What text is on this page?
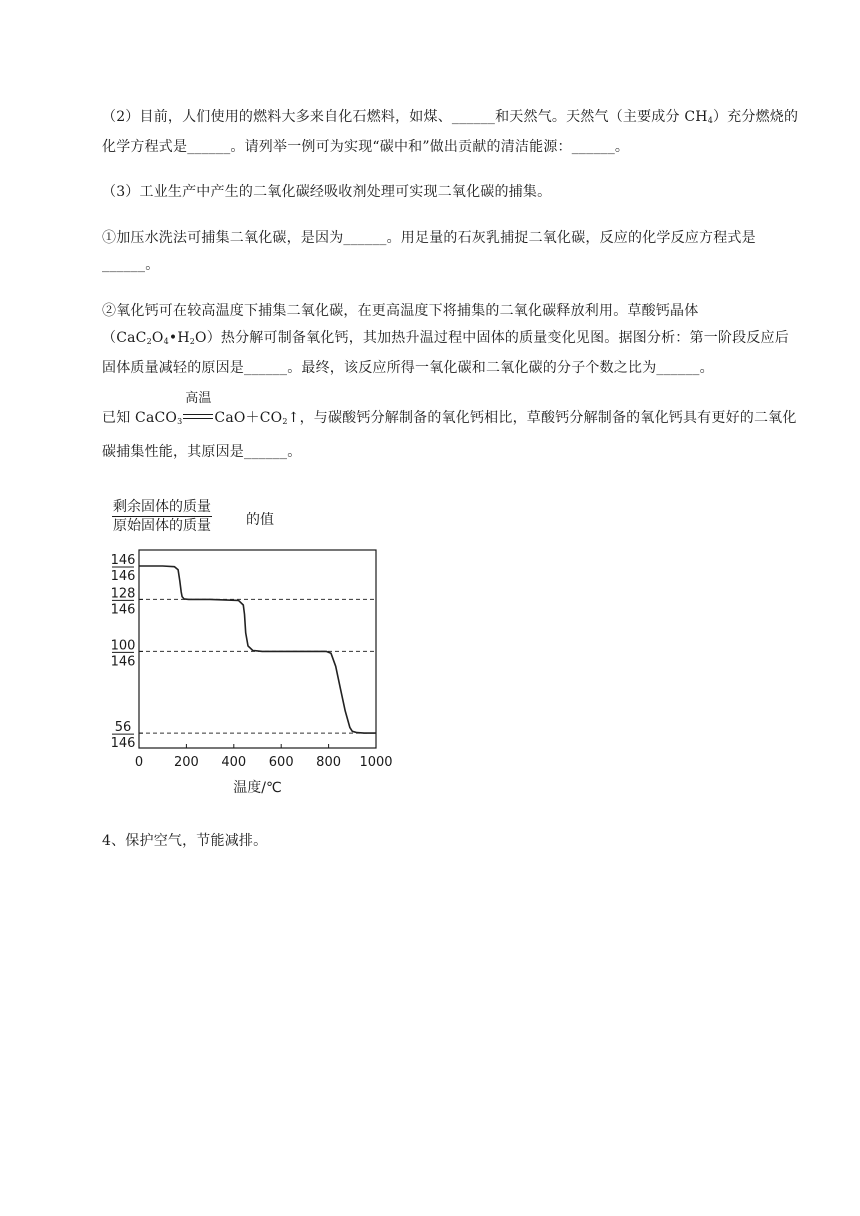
（2）目前，人们使用的燃料大多来自化石燃料，如煤、______和天然气。天然气（主要成分 $CH_4$）充分燃烧的化学方程式是______。请列举一例可为实现“碳中和”做出贡献的清洁能源：______。
（3）工业生产中产生的二氧化碳经吸收剂处理可实现二氧化碳的捕集。
①加压水洗法可捕集二氧化碳，是因为______。用足量的石灰乳捕捉二氧化碳，反应的化学反应方程式是______。
②氧化钙可在较高温度下捕集二氧化碳，在更高温度下将捕集的二氧化碳释放利用。草酸钙晶体$(CaC_2O_4•H_2O)$热分解可制备氧化钙，其加热升温过程中固体的质量变化见图。据图分析：第一阶段反应后固体质量减轻的原因是______。最终，该反应所得一氧化碳和二氧化碳的分子个数之比为______。
已知 CaCO$_3$
高温
$CaO+CO_2↑$，与碳酸钙分解制备的氧化钙相比，草酸钙分解制备的氧化钙具有更好的二氧化碳捕集性能，其原因是______。
剩余固体的质量
原始固体的质量	的值
146
146
128
146
100
146
56
146
0 200 400 600 800 1000
温度/℃
4、保护空气，节能减排。
